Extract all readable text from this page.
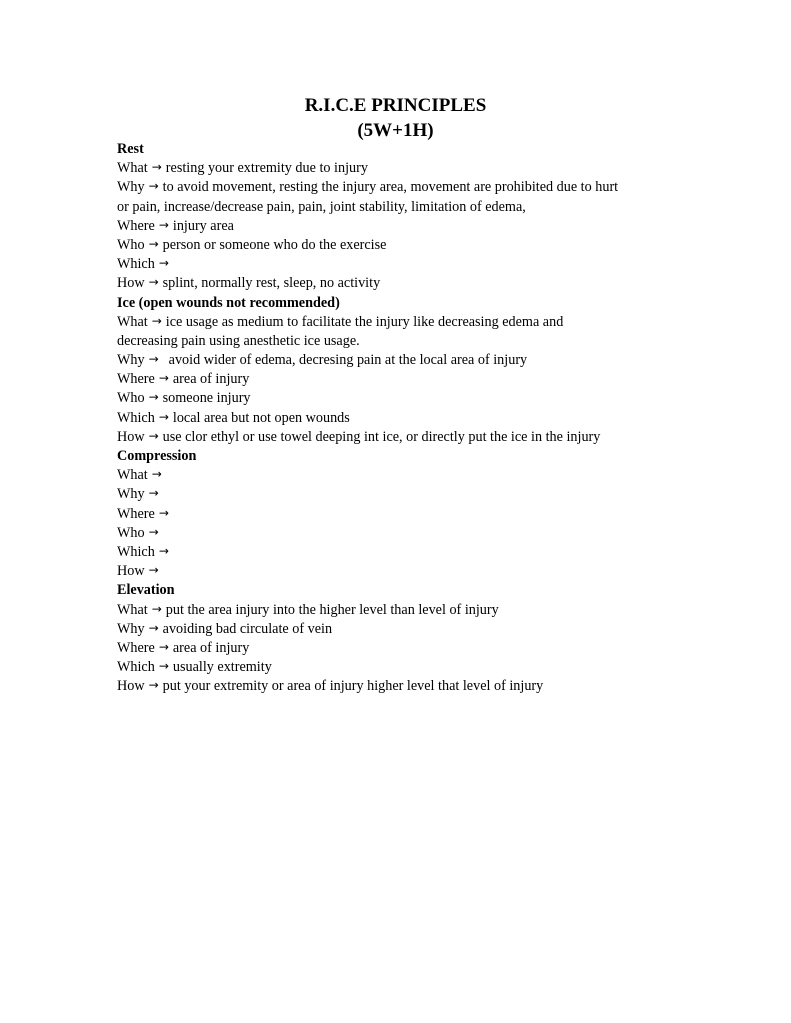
R.I.C.E PRINCIPLES
(5W+1H)
Rest
What → resting your extremity due to injury
Why → to avoid movement, resting the injury area, movement are prohibited due to hurt
or pain, increase/decrease pain, pain, joint stability, limitation of edema,
Where → injury area
Who → person or someone who do the exercise
Which →
How → splint, normally rest, sleep, no activity
Ice (open wounds not recommended)
What → ice usage as medium to facilitate the injury like decreasing edema and
decreasing pain using anesthetic ice usage.
Why → avoid wider of edema, decresing pain at the local area of injury
Where → area of injury
Who → someone injury
Which → local area but not open wounds
How → use clor ethyl or use towel deeping int ice, or directly put the ice in the injury
Compression
What →
Why →
Where →
Who →
Which →
How →
Elevation
What → put the area injury into the higher level than level of injury
Why → avoiding bad circulate of vein
Where → area of injury
Which → usually extremity
How → put your extremity or area of injury higher level that level of injury
